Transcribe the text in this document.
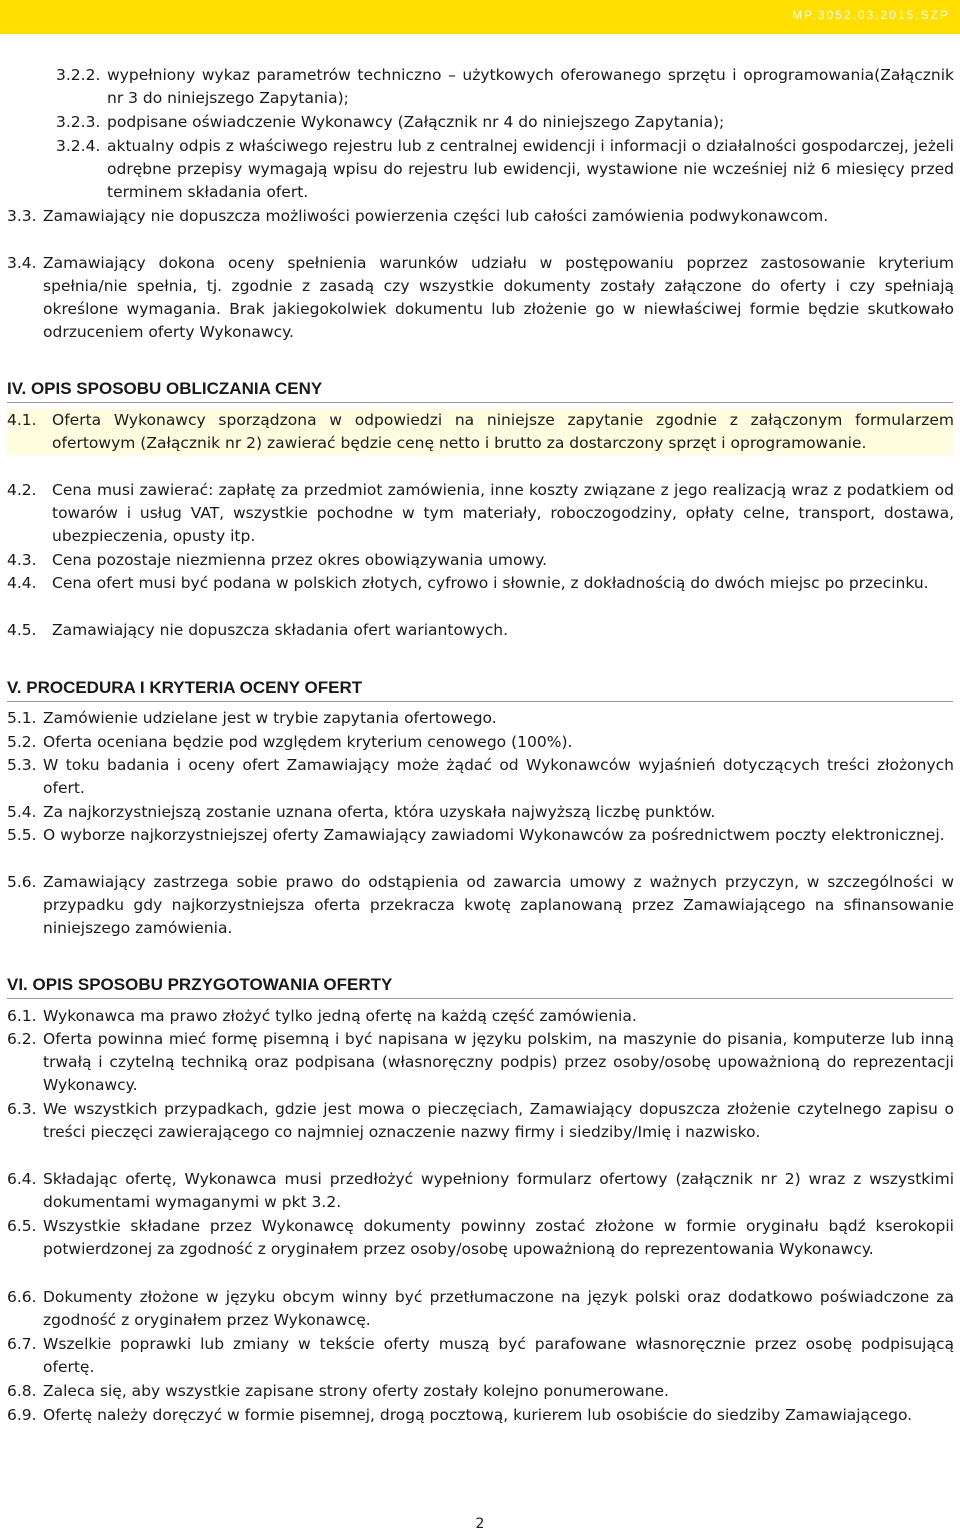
MP.3052.03.2015.SZP
3.2.2. wypełniony wykaz parametrów techniczno – użytkowych oferowanego sprzętu i oprogramowania(Załącznik nr 3 do niniejszego Zapytania);
3.2.3. podpisane oświadczenie Wykonawcy (Załącznik nr 4 do niniejszego Zapytania);
3.2.4. aktualny odpis z właściwego rejestru lub z centralnej ewidencji i informacji o działalności gospodarczej, jeżeli odrębne przepisy wymagają wpisu do rejestru lub ewidencji, wystawione nie wcześniej niż 6 miesięcy przed terminem składania ofert.
3.3. Zamawiający nie dopuszcza możliwości powierzenia części lub całości zamówienia podwykonawcom.
3.4. Zamawiający dokona oceny spełnienia warunków udziału w postępowaniu poprzez zastosowanie kryterium spełnia/nie spełnia, tj. zgodnie z zasadą czy wszystkie dokumenty zostały załączone do oferty i czy spełniają określone wymagania. Brak jakiegokolwiek dokumentu lub złożenie go w niewłaściwej formie będzie skutkowało odrzuceniem oferty Wykonawcy.
IV. OPIS SPOSOBU OBLICZANIA CENY
4.1. Oferta Wykonawcy sporządzona w odpowiedzi na niniejsze zapytanie zgodnie z załączonym formularzem ofertowym (Załącznik nr 2) zawierać będzie cenę netto i brutto za dostarczony sprzęt i oprogramowanie.
4.2. Cena musi zawierać: zapłatę za przedmiot zamówienia, inne koszty związane z jego realizacją wraz z podatkiem od towarów i usług VAT, wszystkie pochodne w tym materiały, roboczogodziny, opłaty celne, transport, dostawa, ubezpieczenia, opusty itp.
4.3. Cena pozostaje niezmienna przez okres obowiązywania umowy.
4.4. Cena ofert musi być podana w polskich złotych, cyfrowo i słownie, z dokładnością do dwóch miejsc po przecinku.
4.5. Zamawiający nie dopuszcza składania ofert wariantowych.
V. PROCEDURA I KRYTERIA OCENY OFERT
5.1. Zamówienie udzielane jest w trybie zapytania ofertowego.
5.2. Oferta oceniana będzie pod względem kryterium cenowego (100%).
5.3. W toku badania i oceny ofert Zamawiający może żądać od Wykonawców wyjaśnień dotyczących treści złożonych ofert.
5.4. Za najkorzystniejszą zostanie uznana oferta, która uzyskała najwyższą liczbę punktów.
5.5. O wyborze najkorzystniejszej oferty Zamawiający zawiadomi Wykonawców za pośrednictwem poczty elektronicznej.
5.6. Zamawiający zastrzega sobie prawo do odstąpienia od zawarcia umowy z ważnych przyczyn, w szczególności w przypadku gdy najkorzystniejsza oferta przekracza kwotę zaplanowaną przez Zamawiającego na sfinansowanie niniejszego zamówienia.
VI. OPIS SPOSOBU PRZYGOTOWANIA OFERTY
6.1. Wykonawca ma prawo złożyć tylko jedną ofertę na każdą część zamówienia.
6.2. Oferta powinna mieć formę pisemną i być napisana w języku polskim, na maszynie do pisania, komputerze lub inną trwałą i czytelną techniką oraz podpisana (własnoręczny podpis) przez osoby/osobę upoważnioną do reprezentacji Wykonawcy.
6.3. We wszystkich przypadkach, gdzie jest mowa o pieczęciach, Zamawiający dopuszcza złożenie czytelnego zapisu o treści pieczęci zawierającego co najmniej oznaczenie nazwy firmy i siedziby/Imię i nazwisko.
6.4. Składając ofertę, Wykonawca musi przedłożyć wypełniony formularz ofertowy (załącznik nr 2) wraz z wszystkimi dokumentami wymaganymi w pkt 3.2.
6.5. Wszystkie składane przez Wykonawcę dokumenty powinny zostać złożone w formie oryginału bądź kserokopii potwierdzonej za zgodność z oryginałem przez osoby/osobę upoważnioną do reprezentowania Wykonawcy.
6.6. Dokumenty złożone w języku obcym winny być przetłumaczone na język polski oraz dodatkowo poświadczone za zgodność z oryginałem przez Wykonawcę.
6.7. Wszelkie poprawki lub zmiany w tekście oferty muszą być parafowane własnoręcznie przez osobę podpisującą ofertę.
6.8. Zaleca się, aby wszystkie zapisane strony oferty zostały kolejno ponumerowane.
6.9. Ofertę należy doręczyć w formie pisemnej, drogą pocztową, kurierem lub osobiście do siedziby Zamawiającego.
2
